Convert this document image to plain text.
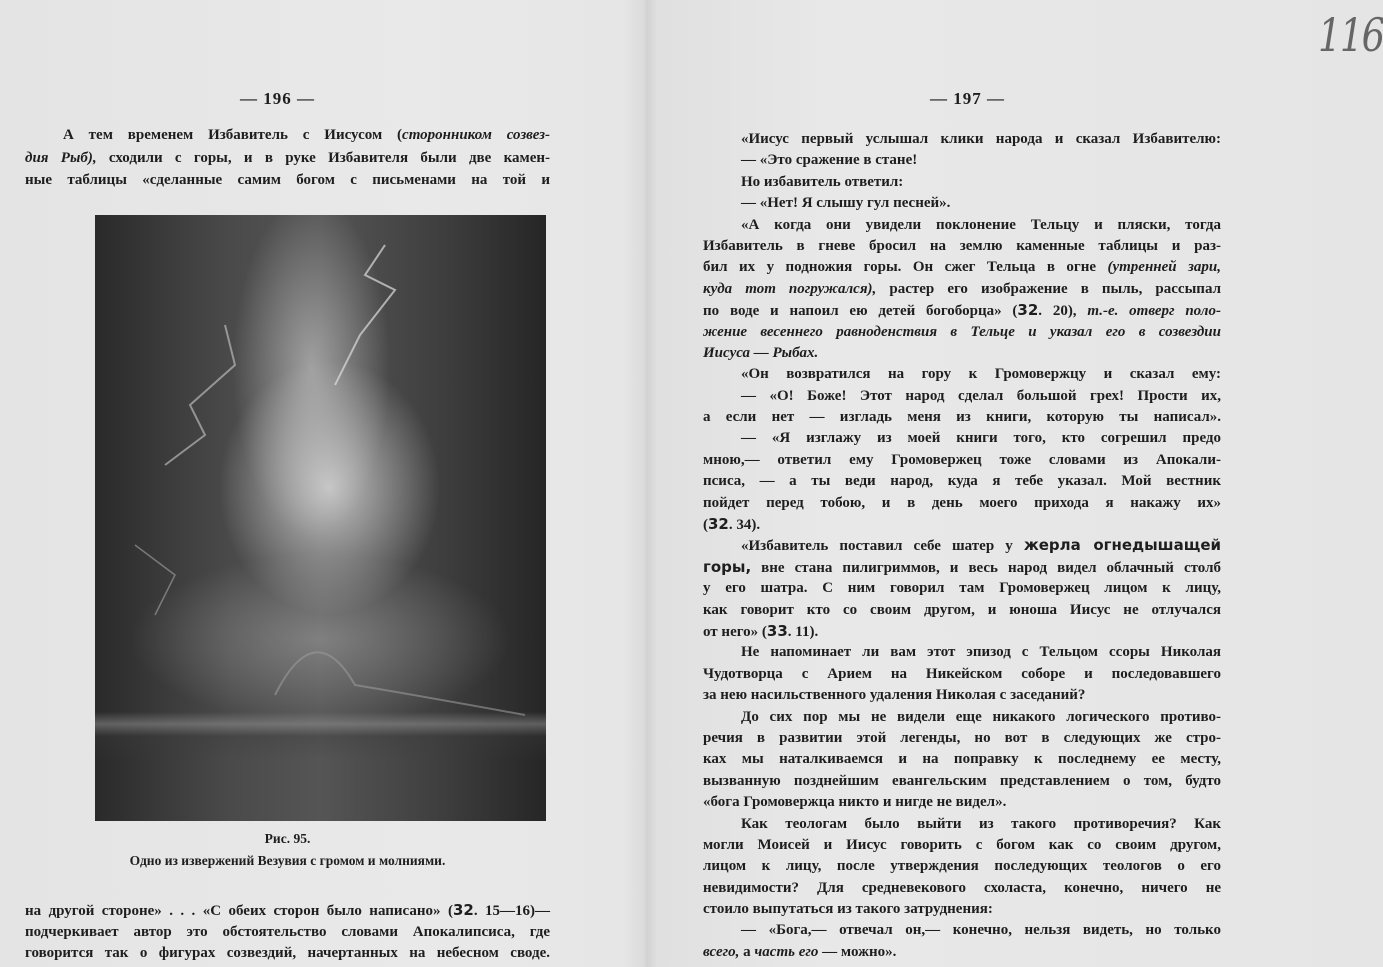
116
— 196 —
А тем временем Избавитель с Иисусом (сторонником созвез-
дия Рыб), сходили с горы, и в руке Избавителя были две камен-
ные таблицы «сделанные самим богом с письменами на той и
Рис. 95.
Одно из извержений Везувия с громом и молниями.
на другой стороне» . . . «С обеих сторон было написано» (32. 15—16)—
подчеркивает автор это обстоятельство словами Апокалипсиса, где
говорится так о фигурах созвездий, начертанных на небесном своде.
— 197 —
«Иисус первый услышал клики народа и сказал Избавителю:
— «Это сражение в стане!
Но избавитель ответил:
— «Нет! Я слышу гул песней».
«А когда они увидели поклонение Тельцу и пляски, тогда
Избавитель в гневе бросил на землю каменные таблицы и раз-
бил их у подножия горы. Он сжег Тельца в огне (утренней зари,
куда тот погружался), растер его изображение в пыль, рассыпал
по воде и напоил ею детей богоборца» (32. 20), т.-е. отверг поло-
жение весеннего равноденствия в Тельце и указал его в созвездии
Иисуса — Рыбах.
«Он возвратился на гору к Громовержцу и сказал ему:
— «О! Боже! Этот народ сделал большой грех! Прости их,
а если нет — изгладь меня из книги, которую ты написал».
— «Я изглажу из моей книги того, кто согрешил предо
мною,— ответил ему Громовержец тоже словами из Апокали-
псиса, — а ты веди народ, куда я тебе указал. Мой вестник
пойдет перед тобою, и в день моего прихода я накажу их»
(32. 34).
«Избавитель поставил себе шатер у жерла огнедышащей
горы, вне стана пилигриммов, и весь народ видел облачный столб
у его шатра. С ним говорил там Громовержец лицом к лицу,
как говорит кто со своим другом, и юноша Иисус не отлучался
от него» (33. 11).
Не напоминает ли вам этот эпизод с Тельцом ссоры Николая
Чудотворца с Арием на Никейском соборе и последовавшего
за нею насильственного удаления Николая с заседаний?
До сих пор мы не видели еще никакого логического противо-
речия в развитии этой легенды, но вот в следующих же стро-
ках мы наталкиваемся и на поправку к последнему ее месту,
вызванную позднейшим евангельским представлением о том, будто
«бога Громовержца никто и нигде не видел».
Как теологам было выйти из такого противоречия? Как
могли Моисей и Иисус говорить с богом как со своим другом,
лицом к лицу, после утверждения последующих теологов о его
невидимости? Для средневекового схоласта, конечно, ничего не
стоило выпутаться из такого затруднения:
— «Бога,— отвечал он,— конечно, нельзя видеть, но только
всего, а часть его — можно».
